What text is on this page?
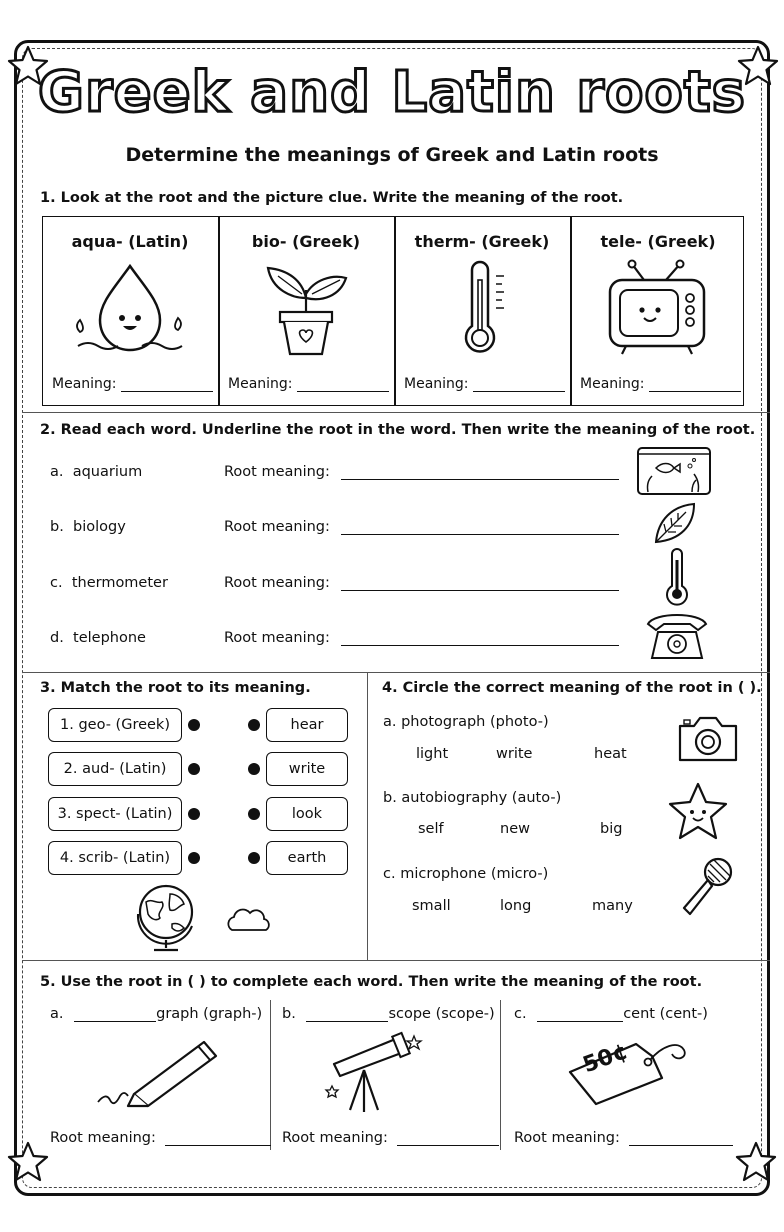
Greek and Latin roots
Determine the meanings of Greek and Latin roots
1. Look at the root and the picture clue. Write the meaning of the root.
aqua- (Latin)	bio- (Greek)	therm- (Greek)	tele- (Greek)
Meaning:	Meaning:	Meaning:	Meaning:
2. Read each word. Underline the root in the word. Then write the meaning of the root.
a. aquarium	Root meaning:
b. biology	Root meaning:
c. thermometer	Root meaning:
d. telephone	Root meaning:
3. Match the root to its meaning.
1. geo- (Greek)
2. aud- (Latin)
3. spect- (Latin)
4. scrib- (Latin)
hear
write
look
earth
4. Circle the correct meaning of the root in ( ).
a. photograph (photo-)
light	write	heat
b. autobiography (auto-)
self	new	big
c. microphone (micro-)
small	long	many
5. Use the root in ( ) to complete each word. Then write the meaning of the root.
a.	graph (graph-) b.	scope (scope-) c.	cent (cent-)
50¢
Root meaning:	Root meaning:	Root meaning:
